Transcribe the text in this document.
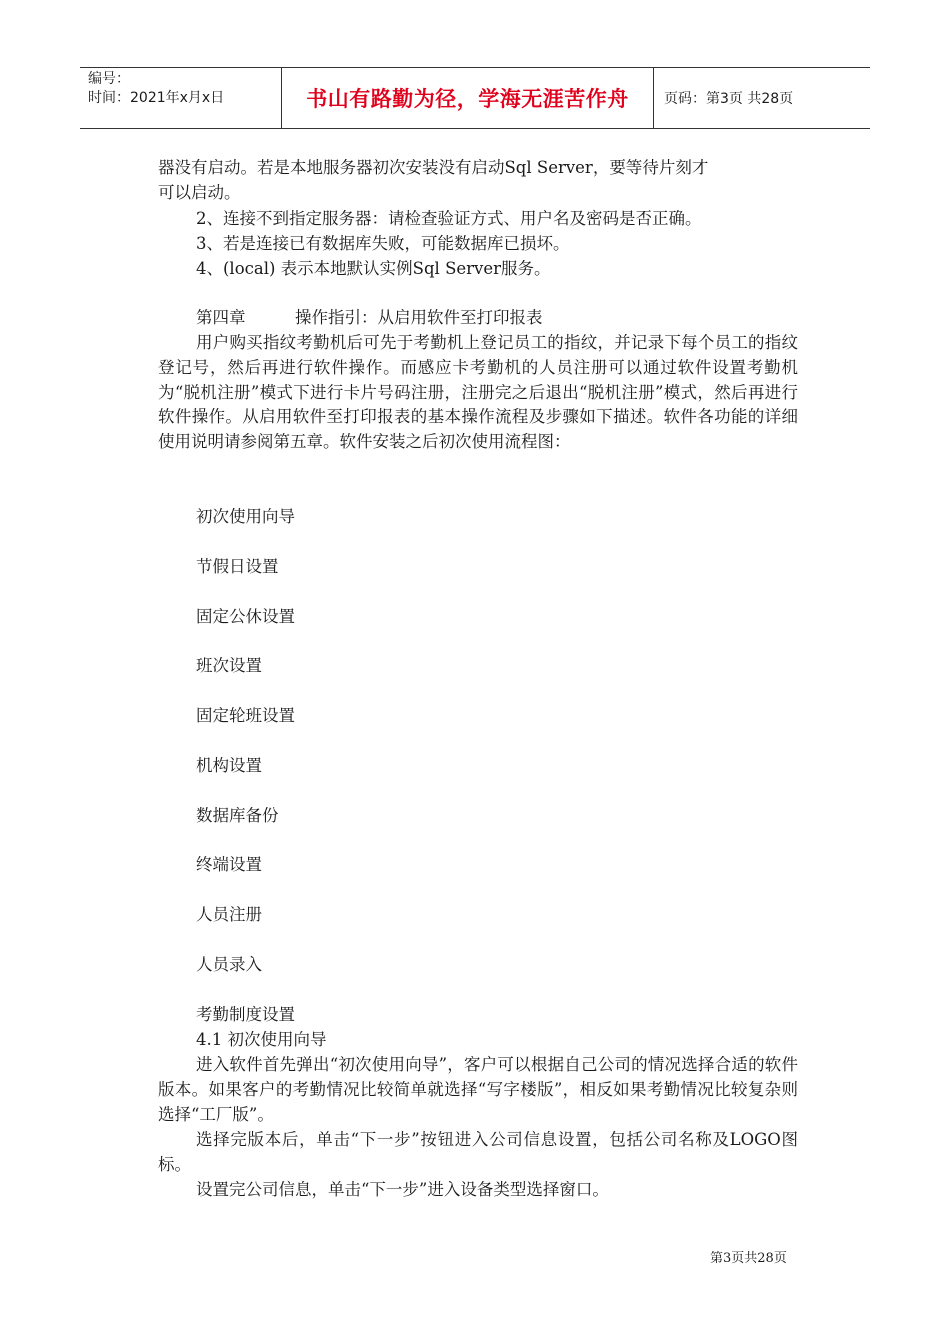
编号：
时间：2021年x月x日	书山有路勤为径，学海无涯苦作舟	页码：第3页 共28页
器没有启动。若是本地服务器初次安装没有启动Sql Server，要等待片刻才
可以启动。
2、连接不到指定服务器：请检查验证方式、用户名及密码是否正确。
3、若是连接已有数据库失败，可能数据库已损坏。
4、(local) 表示本地默认实例Sql Server服务。
第四章　　　操作指引：从启用软件至打印报表
用户购买指纹考勤机后可先于考勤机上登记员工的指纹，并记录下每个员工的指纹登记号，然后再进行软件操作。而感应卡考勤机的人员注册可以通过软件设置考勤机为“脱机注册”模式下进行卡片号码注册，注册完之后退出“脱机注册”模式，然后再进行软件操作。从启用软件至打印报表的基本操作流程及步骤如下描述。软件各功能的详细使用说明请参阅第五章。软件安装之后初次使用流程图：
初次使用向导
节假日设置
固定公休设置
班次设置
固定轮班设置
机构设置
数据库备份
终端设置
人员注册
人员录入
考勤制度设置
4.1 初次使用向导
进入软件首先弹出“初次使用向导”，客户可以根据自己公司的情况选择合适的软件版本。如果客户的考勤情况比较简单就选择“写字楼版”，相反如果考勤情况比较复杂则选择“工厂版”。
选择完版本后，单击“下一步”按钮进入公司信息设置，包括公司名称及LOGO图标。
设置完公司信息，单击“下一步”进入设备类型选择窗口。
第3页共28页
